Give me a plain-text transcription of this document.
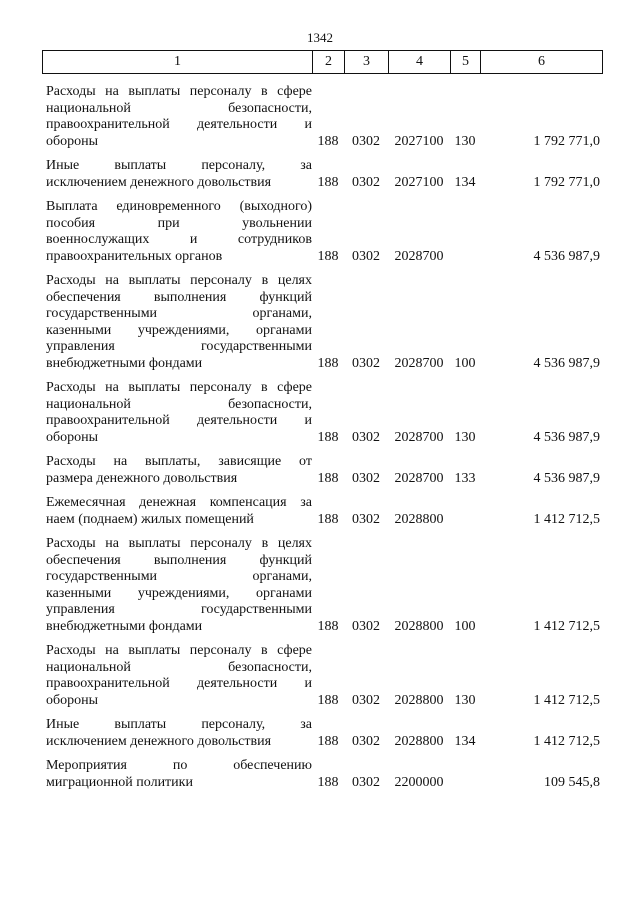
1342
1	2	3	4	5	6
Расходы на выплаты персоналу в сфере
национальной безопасности,
правоохранительной деятельности и
обороны	188 0302	2027100 130	1 792 771,0
Иные выплаты персоналу, за
исключением денежного довольствия	188 0302	2027100 134	1 792 771,0
Выплата единовременного (выходного)
пособия при увольнении
военнослужащих и сотрудников
правоохранительных органов	188 0302	2028700	4 536 987,9
Расходы на выплаты персоналу в целях
обеспечения выполнения функций
государственными органами,
казенными учреждениями, органами
управления государственными
внебюджетными фондами	188 0302	2028700 100	4 536 987,9
Расходы на выплаты персоналу в сфере
национальной безопасности,
правоохранительной деятельности и
обороны	188 0302	2028700 130	4 536 987,9
Расходы на выплаты, зависящие от
размера денежного довольствия	188 0302	2028700 133	4 536 987,9
Ежемесячная денежная компенсация за
наем (поднаем) жилых помещений	188 0302	2028800	1 412 712,5
Расходы на выплаты персоналу в целях
обеспечения выполнения функций
государственными органами,
казенными учреждениями, органами
управления государственными
внебюджетными фондами	188 0302	2028800 100	1 412 712,5
Расходы на выплаты персоналу в сфере
национальной безопасности,
правоохранительной деятельности и
обороны	188 0302	2028800 130	1 412 712,5
Иные выплаты персоналу, за
исключением денежного довольствия	188 0302	2028800 134	1 412 712,5
Мероприятия по обеспечению
миграционной политики	188 0302	2200000	109 545,8
